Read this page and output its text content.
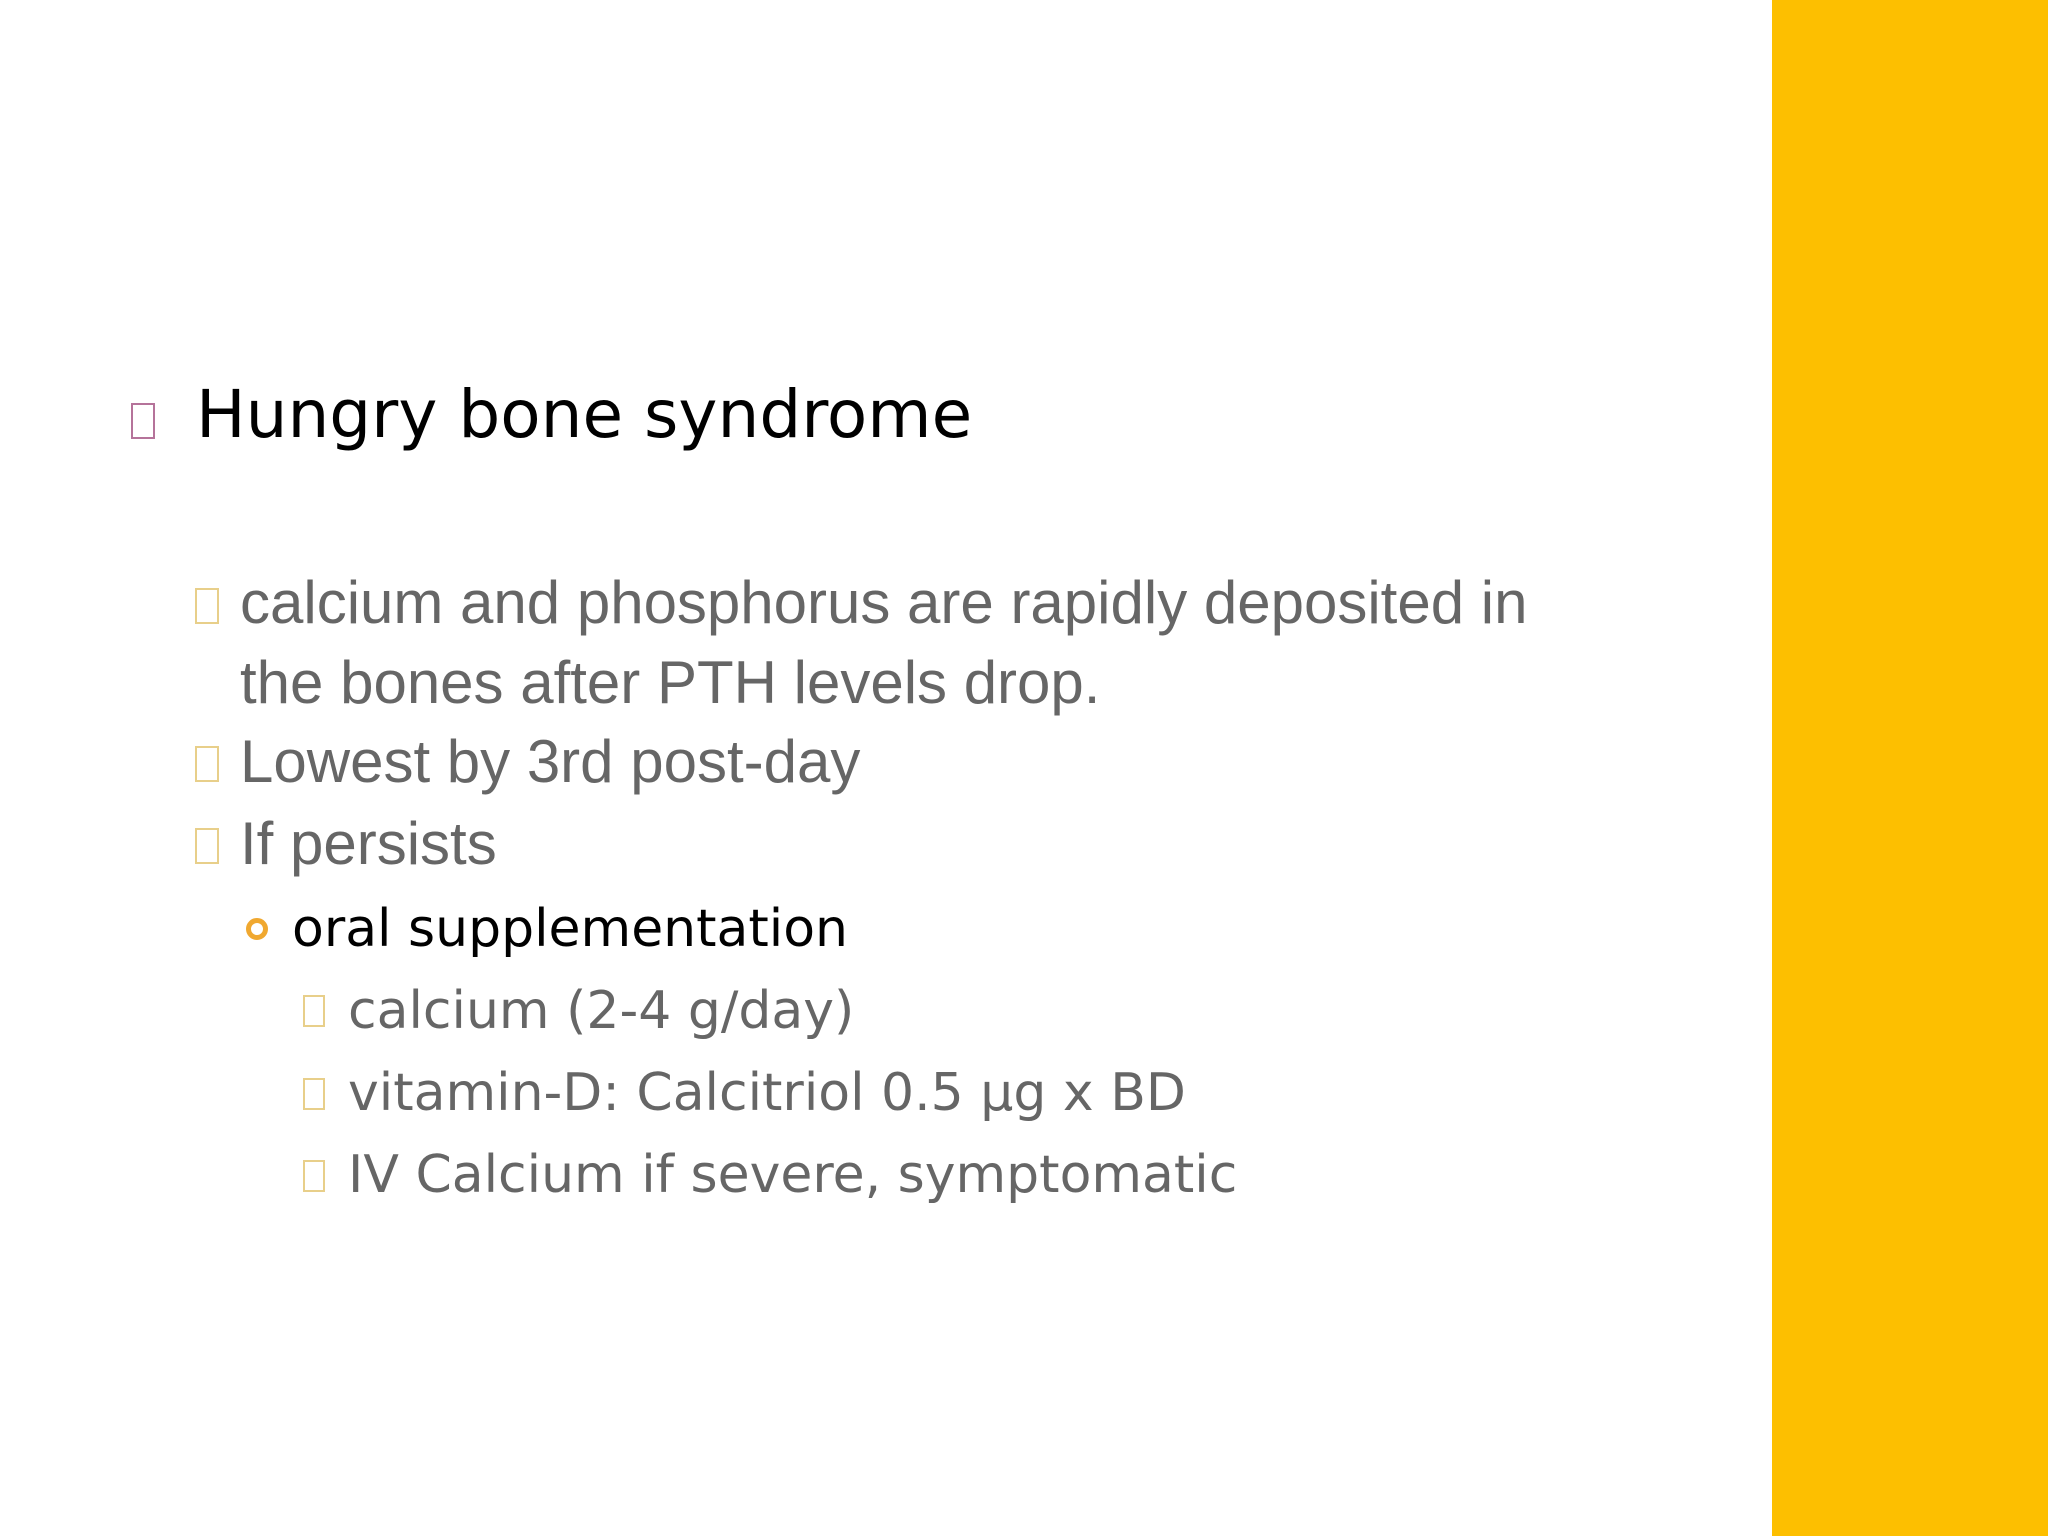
Hungry bone syndrome
calcium and phosphorus are rapidly deposited in
the bones after PTH levels drop.
Lowest by 3rd post-day
If persists
oral supplementation
calcium (2-4 g/day)
vitamin-D: Calcitriol 0.5 µg x BD
IV Calcium if severe, symptomatic
